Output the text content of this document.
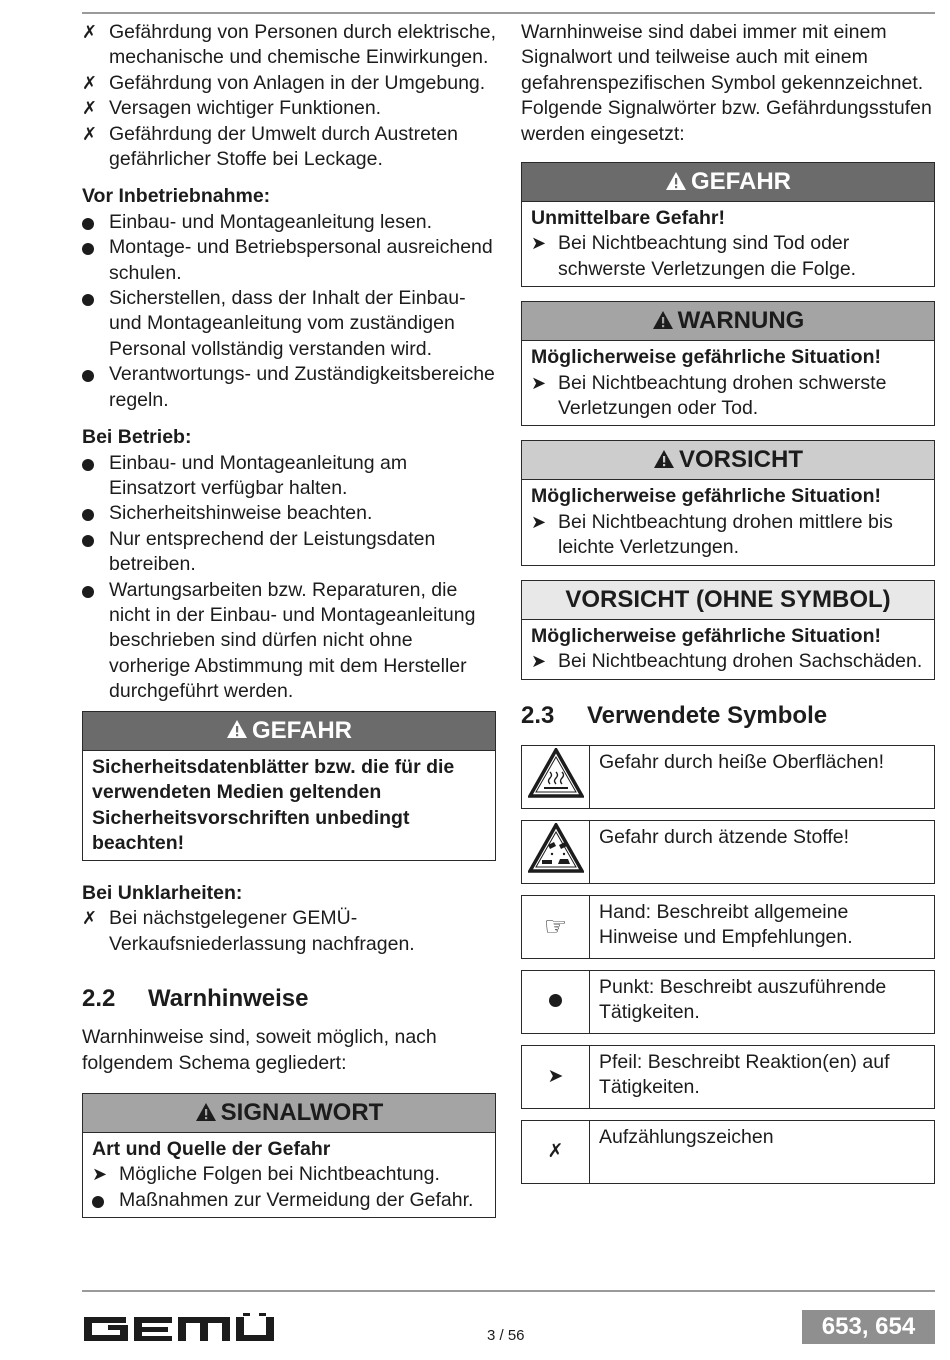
✗ Gefährdung von Personen durch elektrische, mechanische und chemische Einwirkungen.
✗ Gefährdung von Anlagen in der Umgebung.
✗ Versagen wichtiger Funktionen.
✗ Gefährdung der Umwelt durch Austreten gefährlicher Stoffe bei Leckage.

Vor Inbetriebnahme:

Einbau- und Montageanleitung lesen.
Montage- und Betriebspersonal ausreichend schulen.
Sicherstellen, dass der Inhalt der Einbau- und Montageanleitung vom zuständigen Personal vollständig verstanden wird.
Verantwortungs- und Zuständigkeitsbereiche regeln.

Bei Betrieb:

Einbau- und Montageanleitung am Einsatzort verfügbar halten.
Sicherheitshinweise beachten.
Nur entsprechend der Leistungsdaten betreiben.
Wartungsarbeiten bzw. Reparaturen, die nicht in der Einbau- und Montageanleitung beschrieben sind dürfen nicht ohne vorherige Abstimmung mit dem Hersteller durchgeführt werden.
GEFAHR
Sicherheitsdatenblätter bzw. die für die verwendeten Medien geltenden Sicherheitsvorschriften unbedingt beachten!

Bei Unklarheiten:

✗ Bei nächstgelegener GEMÜ-Verkaufsniederlassung nachfragen.
2.2 Warnhinweise

Warnhinweise sind, soweit möglich, nach folgendem Schema gegliedert:

SIGNALWORT
Art und Quelle der Gefahr
➤ Mögliche Folgen bei Nichtbeachtung.
Maßnahmen zur Vermeidung der Gefahr.

Warnhinweise sind dabei immer mit einem Signalwort und teilweise auch mit einem gefahrenspezifischen Symbol gekennzeichnet.

Folgende Signalwörter bzw. Gefährdungsstufen werden eingesetzt:

GEFAHR
Unmittelbare Gefahr!
➤ Bei Nichtbeachtung sind Tod oder schwerste Verletzungen die Folge.
WARNUNG
Möglicherweise gefährliche Situation!
➤ Bei Nichtbeachtung drohen schwerste Verletzungen oder Tod.
VORSICHT
Möglicherweise gefährliche Situation!
➤ Bei Nichtbeachtung drohen mittlere bis leichte Verletzungen.
VORSICHT (OHNE SYMBOL)
Möglicherweise gefährliche Situation!
➤ Bei Nichtbeachtung drohen Sachschäden.
2.3 Verwendete Symbole
	Gefahr durch heiße Oberflächen!
	Gefahr durch ätzende Stoffe!
☞	Hand: Beschreibt allgemeine Hinweise und Empfehlungen.
	Punkt: Beschreibt auszuführende Tätigkeiten.
➤	Pfeil: Beschreibt Reaktion(en) auf Tätigkeiten.
✗	Aufzählungszeichen
3 / 56	653, 654
